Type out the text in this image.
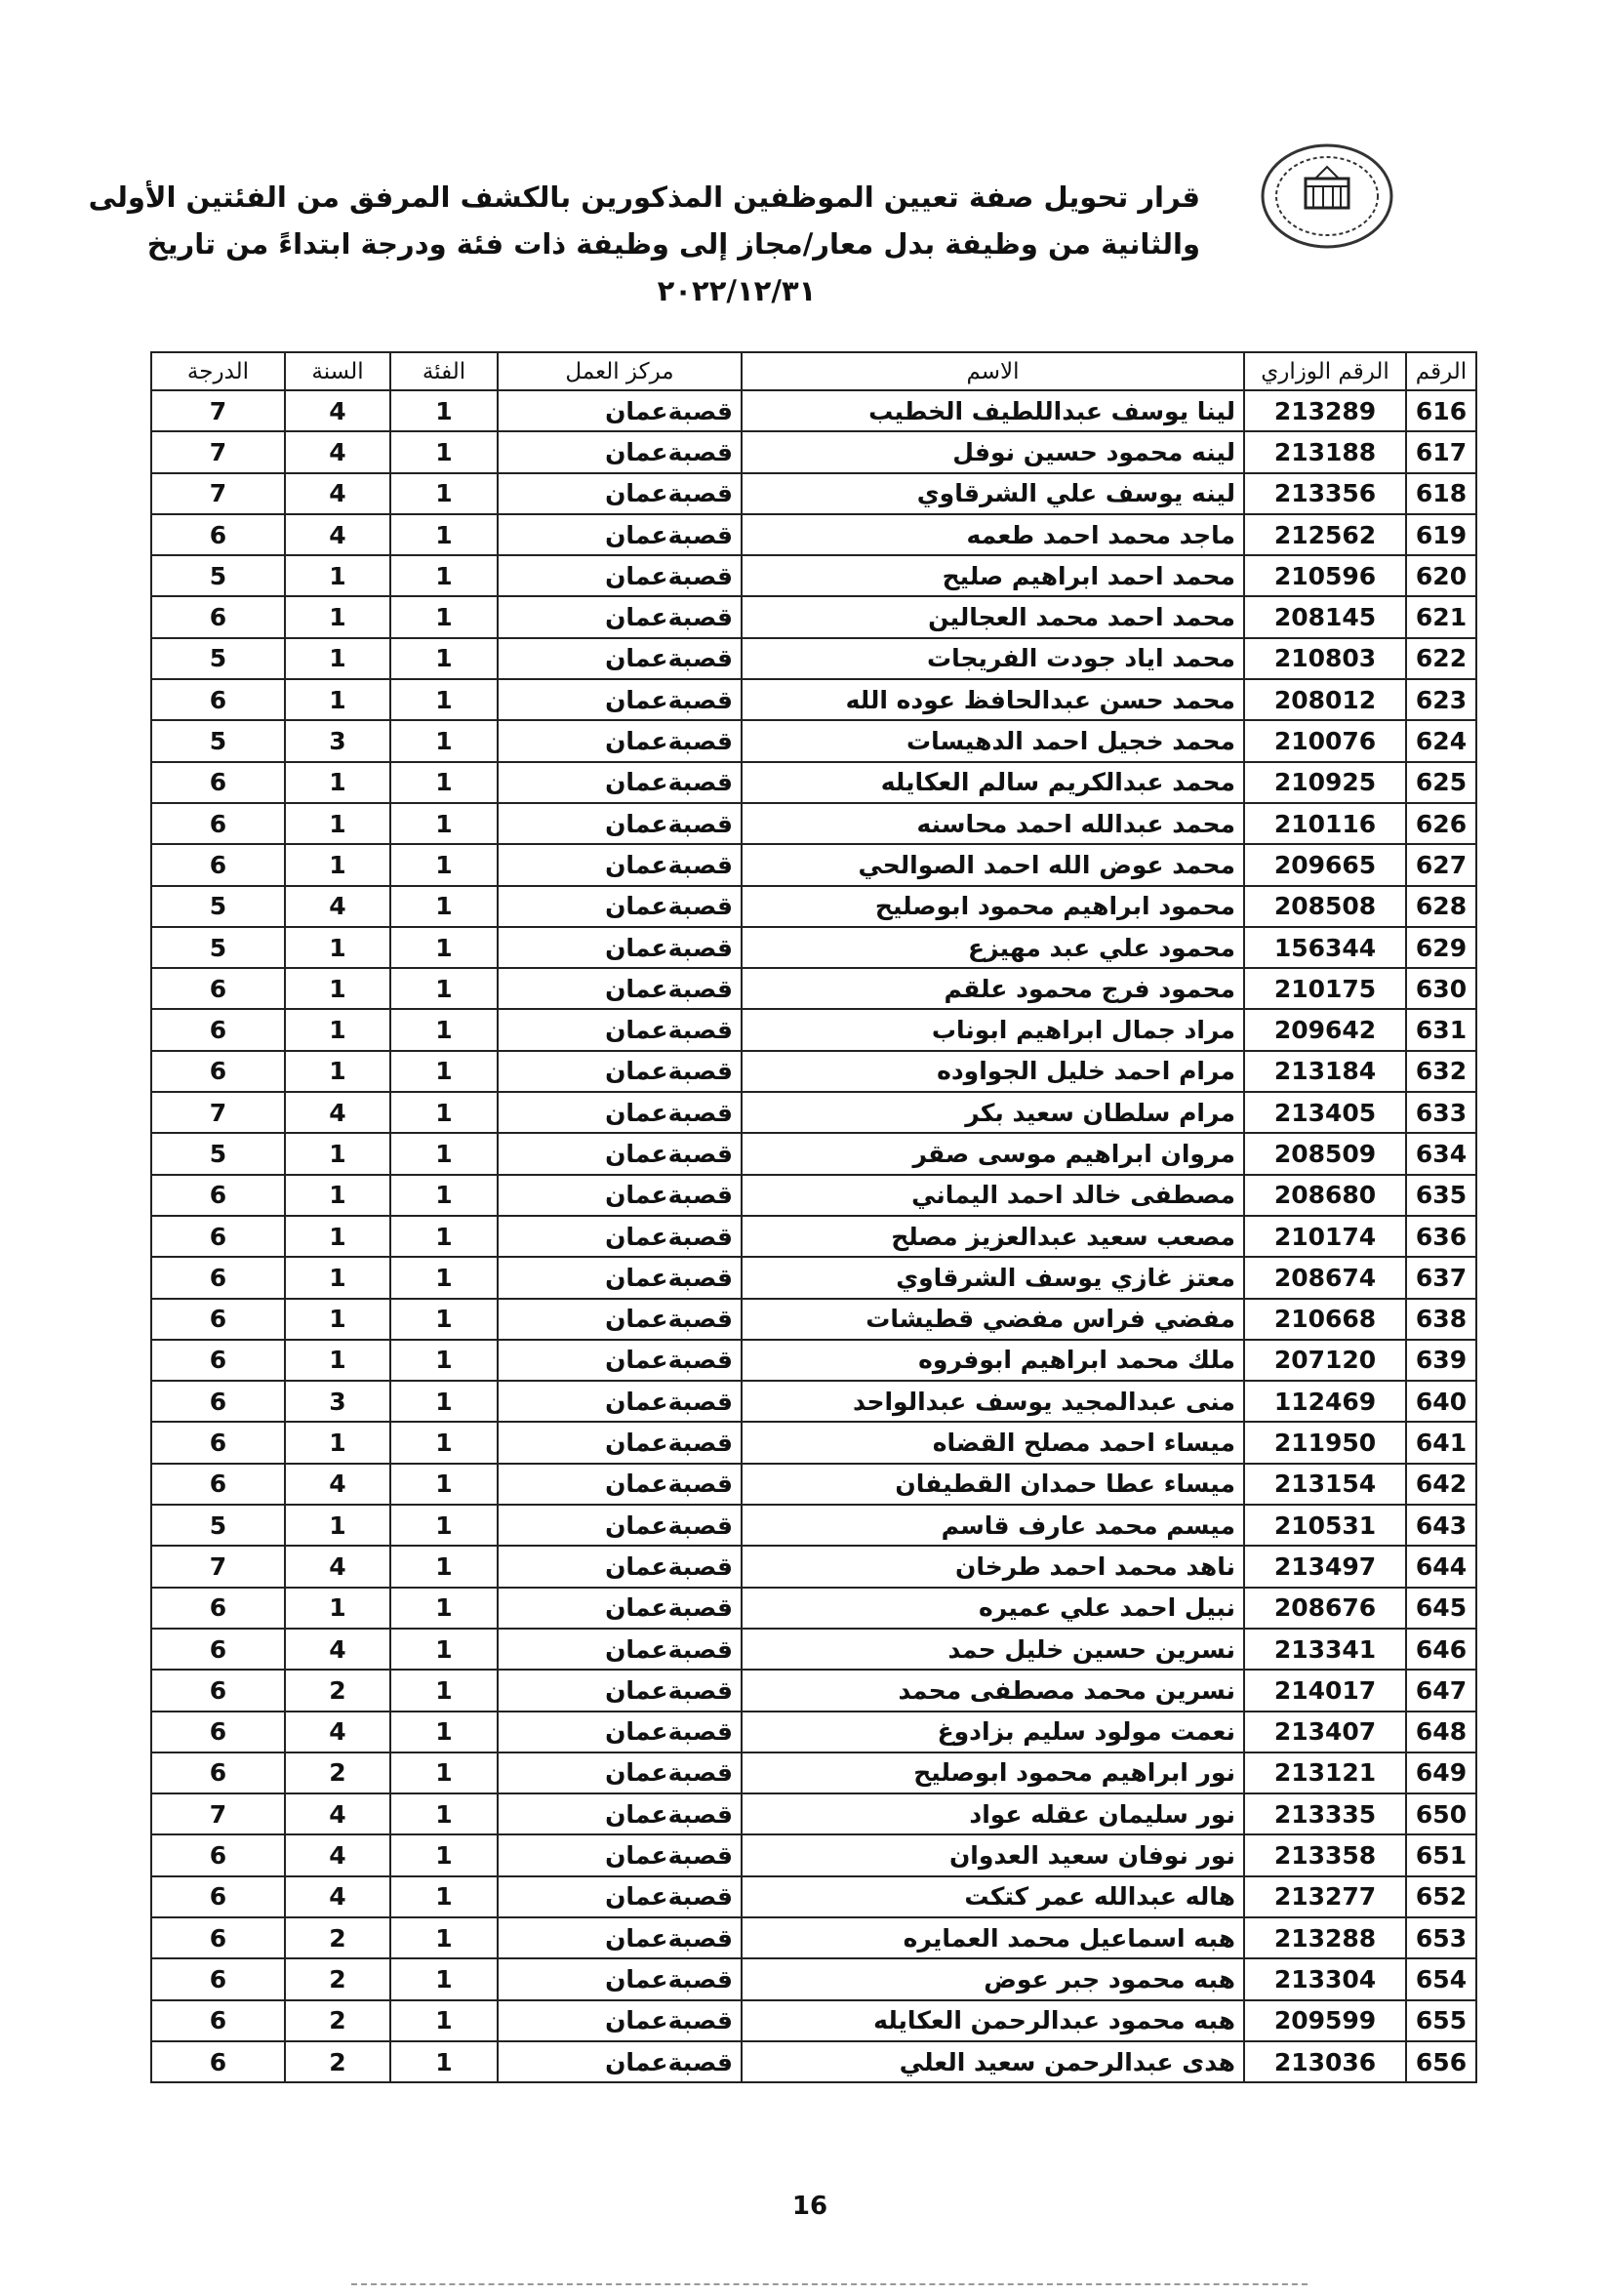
قرار تحويل صفة تعيين الموظفين المذكورين بالكشف المرفق من الفئتين الأولى
والثانية من وظيفة بدل معار/مجاز إلى وظيفة ذات فئة ودرجة ابتداءً من تاريخ
٢٠٢٢/١٢/٣١
الرقم	الرقم الوزاري	الاسم	مركز العمل	الفئة	السنة	الدرجة
616	213289	لينا يوسف عبداللطيف الخطيب	قصبةعمان	1	4	7
617	213188	لينه محمود حسين نوفل	قصبةعمان	1	4	7
618	213356	لينه يوسف علي الشرقاوي	قصبةعمان	1	4	7
619	212562	ماجد محمد احمد طعمه	قصبةعمان	1	4	6
620	210596	محمد احمد ابراهيم صليح	قصبةعمان	1	1	5
621	208145	محمد احمد محمد العجالين	قصبةعمان	1	1	6
622	210803	محمد اياد جودت الفريجات	قصبةعمان	1	1	5
623	208012	محمد حسن عبدالحافظ عوده الله	قصبةعمان	1	1	6
624	210076	محمد خجيل احمد الدهيسات	قصبةعمان	1	3	5
625	210925	محمد عبدالكريم سالم العكايله	قصبةعمان	1	1	6
626	210116	محمد عبدالله احمد محاسنه	قصبةعمان	1	1	6
627	209665	محمد عوض الله احمد الصوالحي	قصبةعمان	1	1	6
628	208508	محمود ابراهيم محمود ابوصليح	قصبةعمان	1	4	5
629	156344	محمود علي عبد مهيزع	قصبةعمان	1	1	5
630	210175	محمود فرج محمود علقم	قصبةعمان	1	1	6
631	209642	مراد جمال ابراهيم ابوناب	قصبةعمان	1	1	6
632	213184	مرام احمد خليل الجواوده	قصبةعمان	1	1	6
633	213405	مرام سلطان سعيد بكر	قصبةعمان	1	4	7
634	208509	مروان ابراهيم موسى صقر	قصبةعمان	1	1	5
635	208680	مصطفى خالد احمد اليماني	قصبةعمان	1	1	6
636	210174	مصعب سعيد عبدالعزيز مصلح	قصبةعمان	1	1	6
637	208674	معتز غازي يوسف الشرقاوي	قصبةعمان	1	1	6
638	210668	مفضي فراس مفضي قطيشات	قصبةعمان	1	1	6
639	207120	ملك محمد ابراهيم ابوفروه	قصبةعمان	1	1	6
640	112469	منى عبدالمجيد يوسف عبدالواحد	قصبةعمان	1	3	6
641	211950	ميساء احمد مصلح القضاه	قصبةعمان	1	1	6
642	213154	ميساء عطا حمدان القطيفان	قصبةعمان	1	4	6
643	210531	ميسم محمد عارف قاسم	قصبةعمان	1	1	5
644	213497	ناهد محمد احمد طرخان	قصبةعمان	1	4	7
645	208676	نبيل احمد علي عميره	قصبةعمان	1	1	6
646	213341	نسرين حسين خليل حمد	قصبةعمان	1	4	6
647	214017	نسرين محمد مصطفى محمد	قصبةعمان	1	2	6
648	213407	نعمت مولود سليم بزادوغ	قصبةعمان	1	4	6
649	213121	نور ابراهيم محمود ابوصليح	قصبةعمان	1	2	6
650	213335	نور سليمان عقله عواد	قصبةعمان	1	4	7
651	213358	نور نوفان سعيد العدوان	قصبةعمان	1	4	6
652	213277	هاله عبدالله عمر كتكت	قصبةعمان	1	4	6
653	213288	هبه اسماعيل محمد العمايره	قصبةعمان	1	2	6
654	213304	هبه محمود جبر عوض	قصبةعمان	1	2	6
655	209599	هبه محمود عبدالرحمن العكايله	قصبةعمان	1	2	6
656	213036	هدى عبدالرحمن سعيد العلي	قصبةعمان	1	2	6
16
